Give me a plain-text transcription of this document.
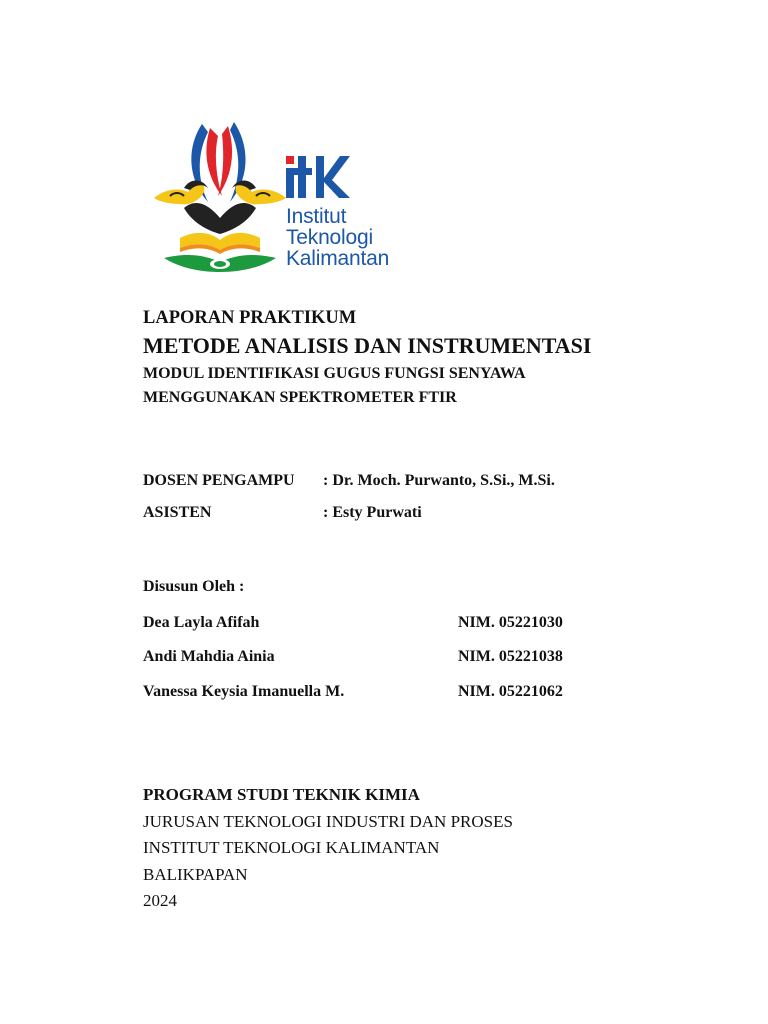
Institut
Teknologi
Kalimantan
LAPORAN PRAKTIKUM
METODE ANALISIS DAN INSTRUMENTASI
MODUL IDENTIFIKASI GUGUS FUNGSI SENYAWA
MENGGUNAKAN SPEKTROMETER FTIR
DOSEN PENGAMPU : Dr. Moch. Purwanto, S.Si., M.Si.
ASISTEN	: Esty Purwati
Disusun Oleh :
Dea Layla Afifah	NIM. 05221030
Andi Mahdia Ainia	NIM. 05221038
Vanessa Keysia Imanuella M.	NIM. 05221062
PROGRAM STUDI TEKNIK KIMIA
JURUSAN TEKNOLOGI INDUSTRI DAN PROSES
INSTITUT TEKNOLOGI KALIMANTAN
BALIKPAPAN
2024
